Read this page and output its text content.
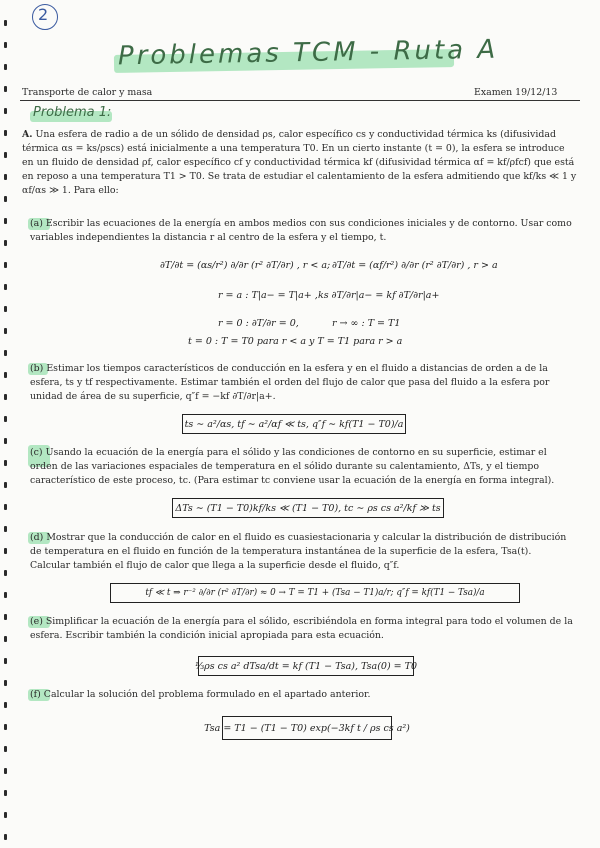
2
Problemas TCM - Ruta A
Transporte de calor y masa	Examen 19/12/13
Problema 1:
A. Una esfera de radio a de un sólido de densidad ρs, calor específico cs y conductividad térmica ks (difusividad térmica αs = ks/ρscs) está inicialmente a una temperatura T0. En un cierto instante (t = 0), la esfera se introduce en un fluido de densidad ρf, calor específico cf y conductividad térmica kf (difusividad térmica αf = kf/ρfcf) que está en reposo a una temperatura T1 > T0. Se trata de estudiar el calentamiento de la esfera admitiendo que kf/ks ≪ 1 y αf/αs ≫ 1. Para ello:
(a) Escribir las ecuaciones de la energía en ambos medios con sus condiciones iniciales y de contorno. Usar como variables independientes la distancia r al centro de la esfera y el tiempo, t.
∂T/∂t = (αs/r²) ∂/∂r (r² ∂T/∂r) , r < a; ∂T/∂t = (αf/r²) ∂/∂r (r² ∂T/∂r) , r > a
r = a : T|a− = T|a+ , ks ∂T/∂r|a− = kf ∂T/∂r|a+
r = 0 : ∂T/∂r = 0,	r → ∞ : T = T1
t = 0 : T = T0 para r < a y T = T1 para r > a
(b) Estimar los tiempos característicos de conducción en la esfera y en el fluido a distancias de orden a de la esfera, ts y tf respectivamente. Estimar también el orden del flujo de calor que pasa del fluido a la esfera por unidad de área de su superficie, q″f = −kf ∂T/∂r|a+.
ts ∼ a²/αs, tf ∼ a²/αf ≪ ts, q″f ∼ kf(T1 − T0)/a
(c) Usando la ecuación de la energía para el sólido y las condiciones de contorno en su superficie, estimar el orden de las variaciones espaciales de temperatura en el sólido durante su calentamiento, ΔTs, y el tiempo característico de este proceso, tc. (Para estimar tc conviene usar la ecuación de la energía en forma integral).
ΔTs ∼ (T1 − T0)kf/ks ≪ (T1 − T0), tc ∼ ρs cs a²/kf ≫ ts
(d) Mostrar que la conducción de calor en el fluido es cuasiestacionaria y calcular la distribución de distribución de temperatura en el fluido en función de la temperatura instantánea de la superficie de la esfera, Tsa(t). Calcular también el flujo de calor que llega a la superficie desde el fluido, q″f.
tf ≪ t ⇒ r⁻² ∂/∂r (r² ∂T/∂r) ≈ 0 → T = T1 + (Tsa − T1)a/r; q″f = kf(T1 − Tsa)/a
(e) Simplificar la ecuación de la energía para el sólido, escribiéndola en forma integral para todo el volumen de la esfera. Escribir también la condición inicial apropiada para esta ecuación.
⅓ρs cs a² dTsa/dt = kf (T1 − Tsa), Tsa(0) = T0
(f) Calcular la solución del problema formulado en el apartado anterior.
Tsa = T1 − (T1 − T0) exp(−3kf t / ρs cs a²)
